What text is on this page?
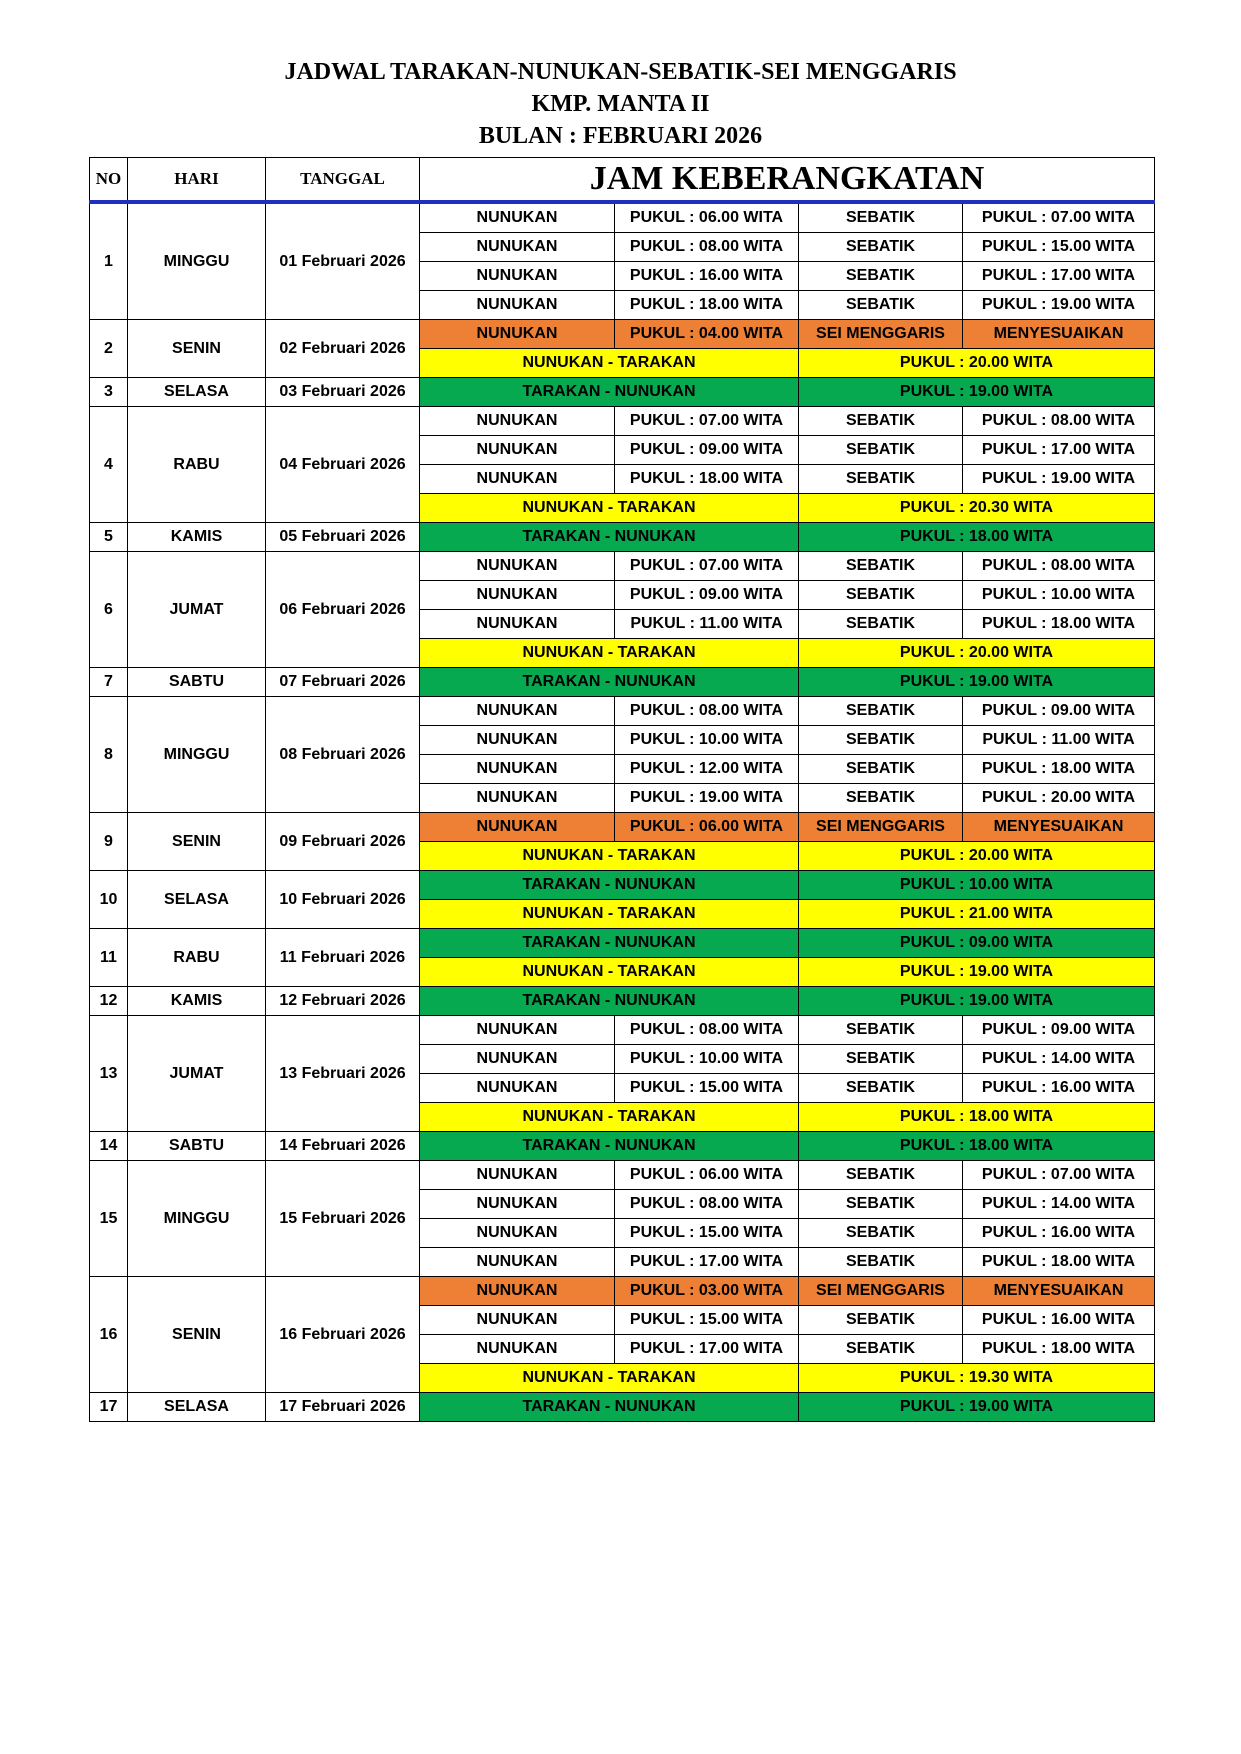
JADWAL TARAKAN-NUNUKAN-SEBATIK-SEI MENGGARIS
KMP. MANTA II
BULAN : FEBRUARI 2026
NO	HARI	TANGGAL	JAM KEBERANGKATAN			
1	MINGGU	01 Februari 2026	NUNUKAN	PUKUL : 06.00 WITA	SEBATIK	PUKUL : 07.00 WITA
			NUNUKAN	PUKUL : 08.00 WITA	SEBATIK	PUKUL : 15.00 WITA
			NUNUKAN	PUKUL : 16.00 WITA	SEBATIK	PUKUL : 17.00 WITA
			NUNUKAN	PUKUL : 18.00 WITA	SEBATIK	PUKUL : 19.00 WITA
2	SENIN	02 Februari 2026	NUNUKAN	PUKUL : 04.00 WITA	SEI MENGGARIS	MENYESUAIKAN
			NUNUKAN - TARAKAN		PUKUL : 20.00 WITA	
3	SELASA	03 Februari 2026	TARAKAN - NUNUKAN		PUKUL : 19.00 WITA	
4	RABU	04 Februari 2026	NUNUKAN	PUKUL : 07.00 WITA	SEBATIK	PUKUL : 08.00 WITA
			NUNUKAN	PUKUL : 09.00 WITA	SEBATIK	PUKUL : 17.00 WITA
			NUNUKAN	PUKUL : 18.00 WITA	SEBATIK	PUKUL : 19.00 WITA
			NUNUKAN - TARAKAN		PUKUL : 20.30 WITA	
5	KAMIS	05 Februari 2026	TARAKAN - NUNUKAN		PUKUL : 18.00 WITA	
6	JUMAT	06 Februari 2026	NUNUKAN	PUKUL : 07.00 WITA	SEBATIK	PUKUL : 08.00 WITA
			NUNUKAN	PUKUL : 09.00 WITA	SEBATIK	PUKUL : 10.00 WITA
			NUNUKAN	PUKUL : 11.00 WITA	SEBATIK	PUKUL : 18.00 WITA
			NUNUKAN - TARAKAN		PUKUL : 20.00 WITA	
7	SABTU	07 Februari 2026	TARAKAN - NUNUKAN		PUKUL : 19.00 WITA	
8	MINGGU	08 Februari 2026	NUNUKAN	PUKUL : 08.00 WITA	SEBATIK	PUKUL : 09.00 WITA
			NUNUKAN	PUKUL : 10.00 WITA	SEBATIK	PUKUL : 11.00 WITA
			NUNUKAN	PUKUL : 12.00 WITA	SEBATIK	PUKUL : 18.00 WITA
			NUNUKAN	PUKUL : 19.00 WITA	SEBATIK	PUKUL : 20.00 WITA
9	SENIN	09 Februari 2026	NUNUKAN	PUKUL : 06.00 WITA	SEI MENGGARIS	MENYESUAIKAN
			NUNUKAN - TARAKAN		PUKUL : 20.00 WITA	
10	SELASA	10 Februari 2026	TARAKAN - NUNUKAN		PUKUL : 10.00 WITA	
			NUNUKAN - TARAKAN		PUKUL : 21.00 WITA	
11	RABU	11 Februari 2026	TARAKAN - NUNUKAN		PUKUL : 09.00 WITA	
			NUNUKAN - TARAKAN		PUKUL : 19.00 WITA	
12	KAMIS	12 Februari 2026	TARAKAN - NUNUKAN		PUKUL : 19.00 WITA	
13	JUMAT	13 Februari 2026	NUNUKAN	PUKUL : 08.00 WITA	SEBATIK	PUKUL : 09.00 WITA
			NUNUKAN	PUKUL : 10.00 WITA	SEBATIK	PUKUL : 14.00 WITA
			NUNUKAN	PUKUL : 15.00 WITA	SEBATIK	PUKUL : 16.00 WITA
			NUNUKAN - TARAKAN		PUKUL : 18.00 WITA	
14	SABTU	14 Februari 2026	TARAKAN - NUNUKAN		PUKUL : 18.00 WITA	
15	MINGGU	15 Februari 2026	NUNUKAN	PUKUL : 06.00 WITA	SEBATIK	PUKUL : 07.00 WITA
			NUNUKAN	PUKUL : 08.00 WITA	SEBATIK	PUKUL : 14.00 WITA
			NUNUKAN	PUKUL : 15.00 WITA	SEBATIK	PUKUL : 16.00 WITA
			NUNUKAN	PUKUL : 17.00 WITA	SEBATIK	PUKUL : 18.00 WITA
16	SENIN	16 Februari 2026	NUNUKAN	PUKUL : 03.00 WITA	SEI MENGGARIS	MENYESUAIKAN
			NUNUKAN	PUKUL : 15.00 WITA	SEBATIK	PUKUL : 16.00 WITA
			NUNUKAN	PUKUL : 17.00 WITA	SEBATIK	PUKUL : 18.00 WITA
			NUNUKAN - TARAKAN		PUKUL : 19.30 WITA	
17	SELASA	17 Februari 2026	TARAKAN - NUNUKAN		PUKUL : 19.00 WITA	
